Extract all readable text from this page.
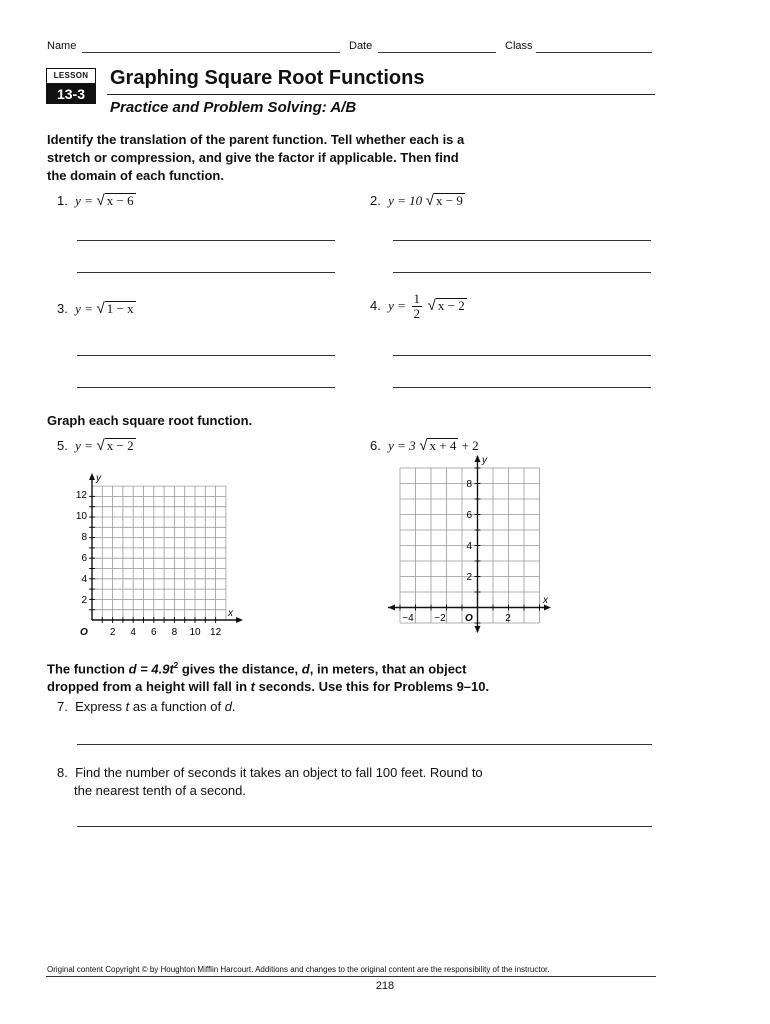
Name	Date	Class
LESSON
13-3
Graphing Square Root Functions
Practice and Problem Solving: A/B
Identify the translation of the parent function. Tell whether each is a
stretch or compression, and give the factor if applicable. Then find
the domain of each function.
1. y = √ x − 6	2. y = 10 √ x − 9
3. y = √ 1 − x	4. $y = \frac{1}{2}$ √ x − 2
Graph each square root function.
5. y = √ x − 2	6. y = 3 √ x + 4 + 2
y
x
O
12
10
8
6
4
2
2 4 6 8 10 12
y
x
O
8
6
4
2
−4 −2	2
The function $d = 4.9t^2$ gives the distance, d, in meters, that an object
dropped from a height will fall in t seconds. Use this for Problems 9–10.
7. Express t as a function of d.
8. Find the number of seconds it takes an object to fall 100 feet. Round to
the nearest tenth of a second.
Original content Copyright © by Houghton Mifflin Harcourt. Additions and changes to the original content are the responsibility of the instructor.
218
